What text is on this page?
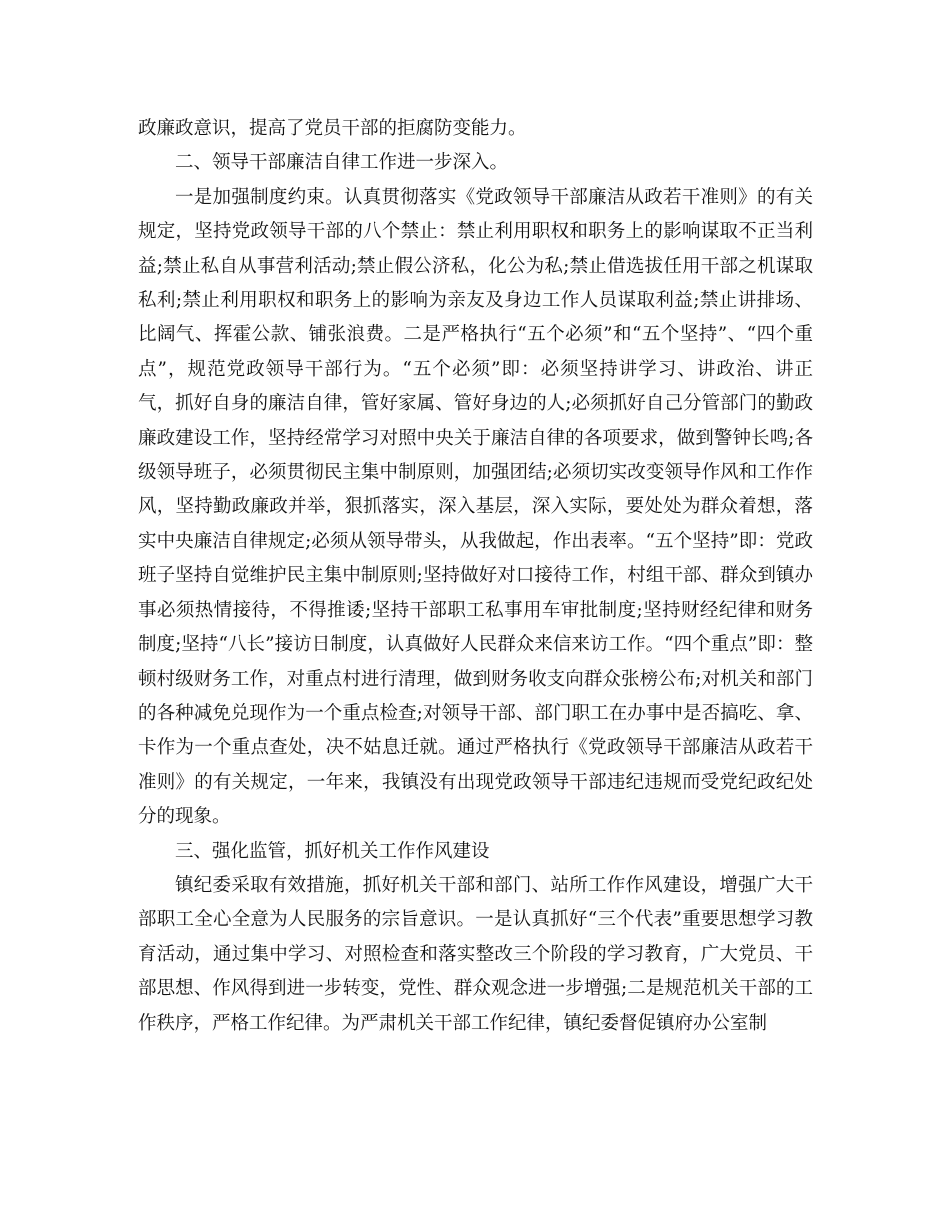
政廉政意识，提高了党员干部的拒腐防变能力。

二、领导干部廉洁自律工作进一步深入。

一是加强制度约束。认真贯彻落实《党政领导干部廉洁从政若干准则》的有关规定，坚持党政领导干部的八个禁止：禁止利用职权和职务上的影响谋取不正当利益;禁止私自从事营利活动;禁止假公济私，化公为私;禁止借选拔任用干部之机谋取私利;禁止利用职权和职务上的影响为亲友及身边工作人员谋取利益;禁止讲排场、比阔气、挥霍公款、铺张浪费。二是严格执行“五个必须”和“五个坚持”、“四个重点”，规范党政领导干部行为。“五个必须”即：必须坚持讲学习、讲政治、讲正气，抓好自身的廉洁自律，管好家属、管好身边的人;必须抓好自己分管部门的勤政廉政建设工作，坚持经常学习对照中央关于廉洁自律的各项要求，做到警钟长鸣;各级领导班子，必须贯彻民主集中制原则，加强团结;必须切实改变领导作风和工作作风，坚持勤政廉政并举，狠抓落实，深入基层，深入实际，要处处为群众着想，落实中央廉洁自律规定;必须从领导带头，从我做起，作出表率。“五个坚持”即：党政班子坚持自觉维护民主集中制原则;坚持做好对口接待工作，村组干部、群众到镇办事必须热情接待，不得推诿;坚持干部职工私事用车审批制度;坚持财经纪律和财务制度;坚持“八长”接访日制度，认真做好人民群众来信来访工作。“四个重点”即：整顿村级财务工作，对重点村进行清理，做到财务收支向群众张榜公布;对机关和部门的各种减免兑现作为一个重点检查;对领导干部、部门职工在办事中是否搞吃、拿、卡作为一个重点查处，决不姑息迁就。通过严格执行《党政领导干部廉洁从政若干准则》的有关规定，一年来，我镇没有出现党政领导干部违纪违规而受党纪政纪处分的现象。

三、强化监管，抓好机关工作作风建设

镇纪委采取有效措施，抓好机关干部和部门、站所工作作风建设，增强广大干部职工全心全意为人民服务的宗旨意识。一是认真抓好“三个代表”重要思想学习教育活动，通过集中学习、对照检查和落实整改三个阶段的学习教育，广大党员、干部思想、作风得到进一步转变，党性、群众观念进一步增强;二是规范机关干部的工作秩序，严格工作纪律。为严肃机关干部工作纪律，镇纪委督促镇府办公室制
